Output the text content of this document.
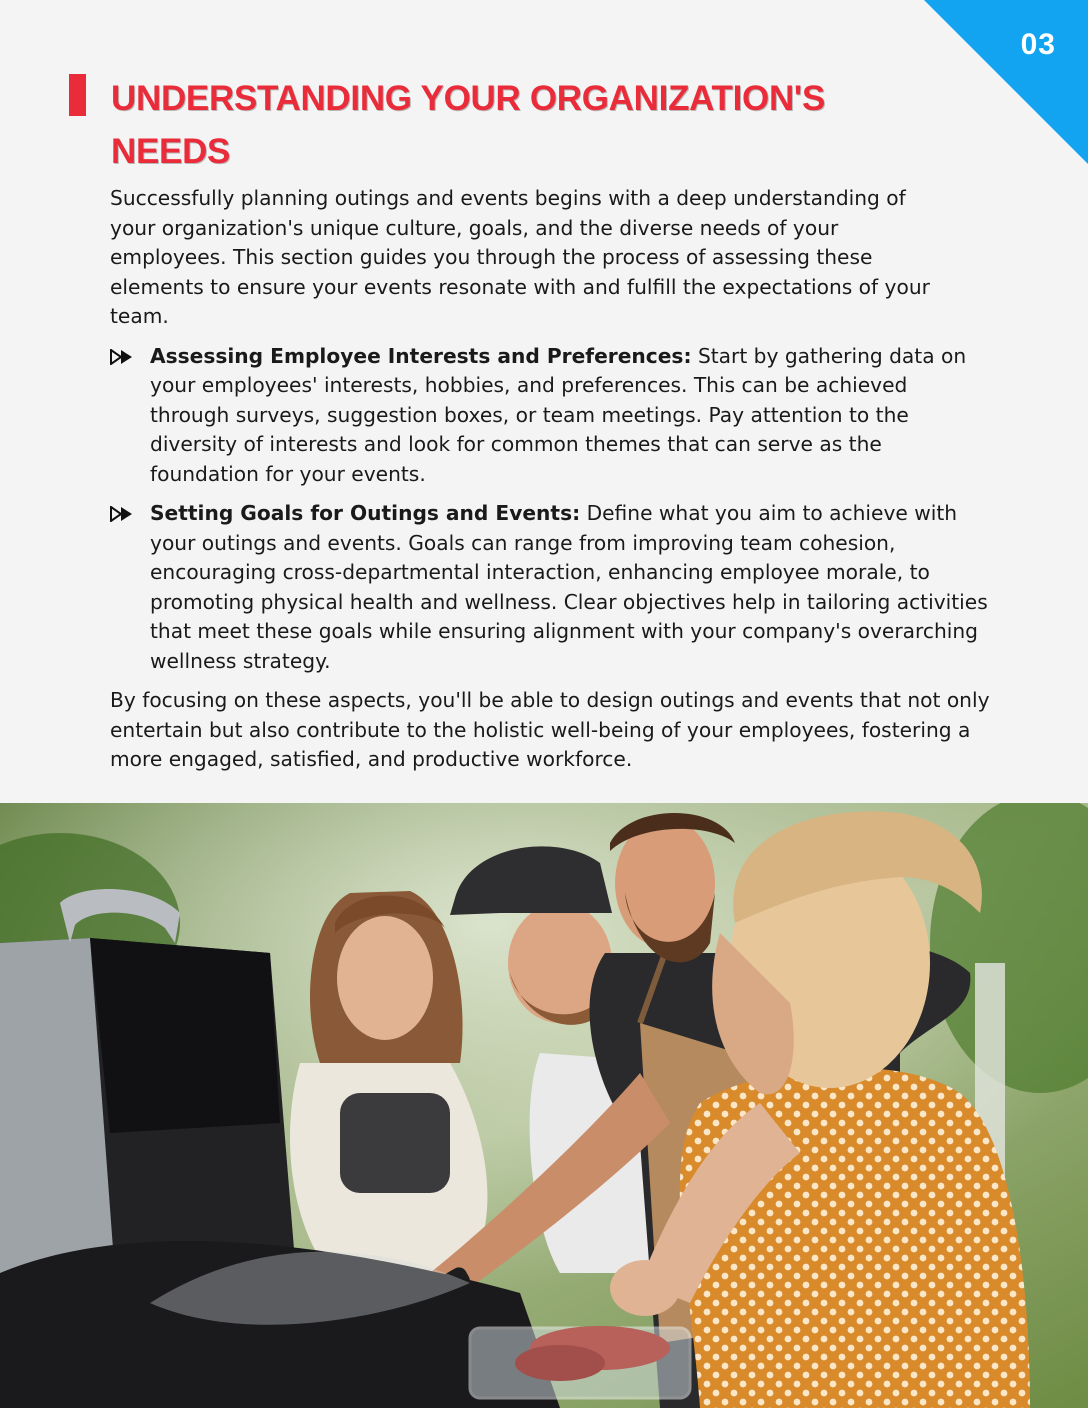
03
UNDERSTANDING YOUR ORGANIZATION'S
NEEDS

Successfully planning outings and events begins with a deep understanding of your organization's unique culture, goals, and the diverse needs of your employees. This section guides you through the process of assessing these elements to ensure your events resonate with and fulfill the expectations of your team.

Assessing Employee Interests and Preferences: Start by gathering data on your employees' interests, hobbies, and preferences. This can be achieved through surveys, suggestion boxes, or team meetings. Pay attention to the diversity of interests and look for common themes that can serve as the foundation for your events.
Setting Goals for Outings and Events: Define what you aim to achieve with your outings and events. Goals can range from improving team cohesion, encouraging cross-departmental interaction, enhancing employee morale, to promoting physical health and wellness. Clear objectives help in tailoring activities that meet these goals while ensuring alignment with your company's overarching wellness strategy.

By focusing on these aspects, you'll be able to design outings and events that not only entertain but also contribute to the holistic well-being of your employees, fostering a more engaged, satisfied, and productive workforce.
